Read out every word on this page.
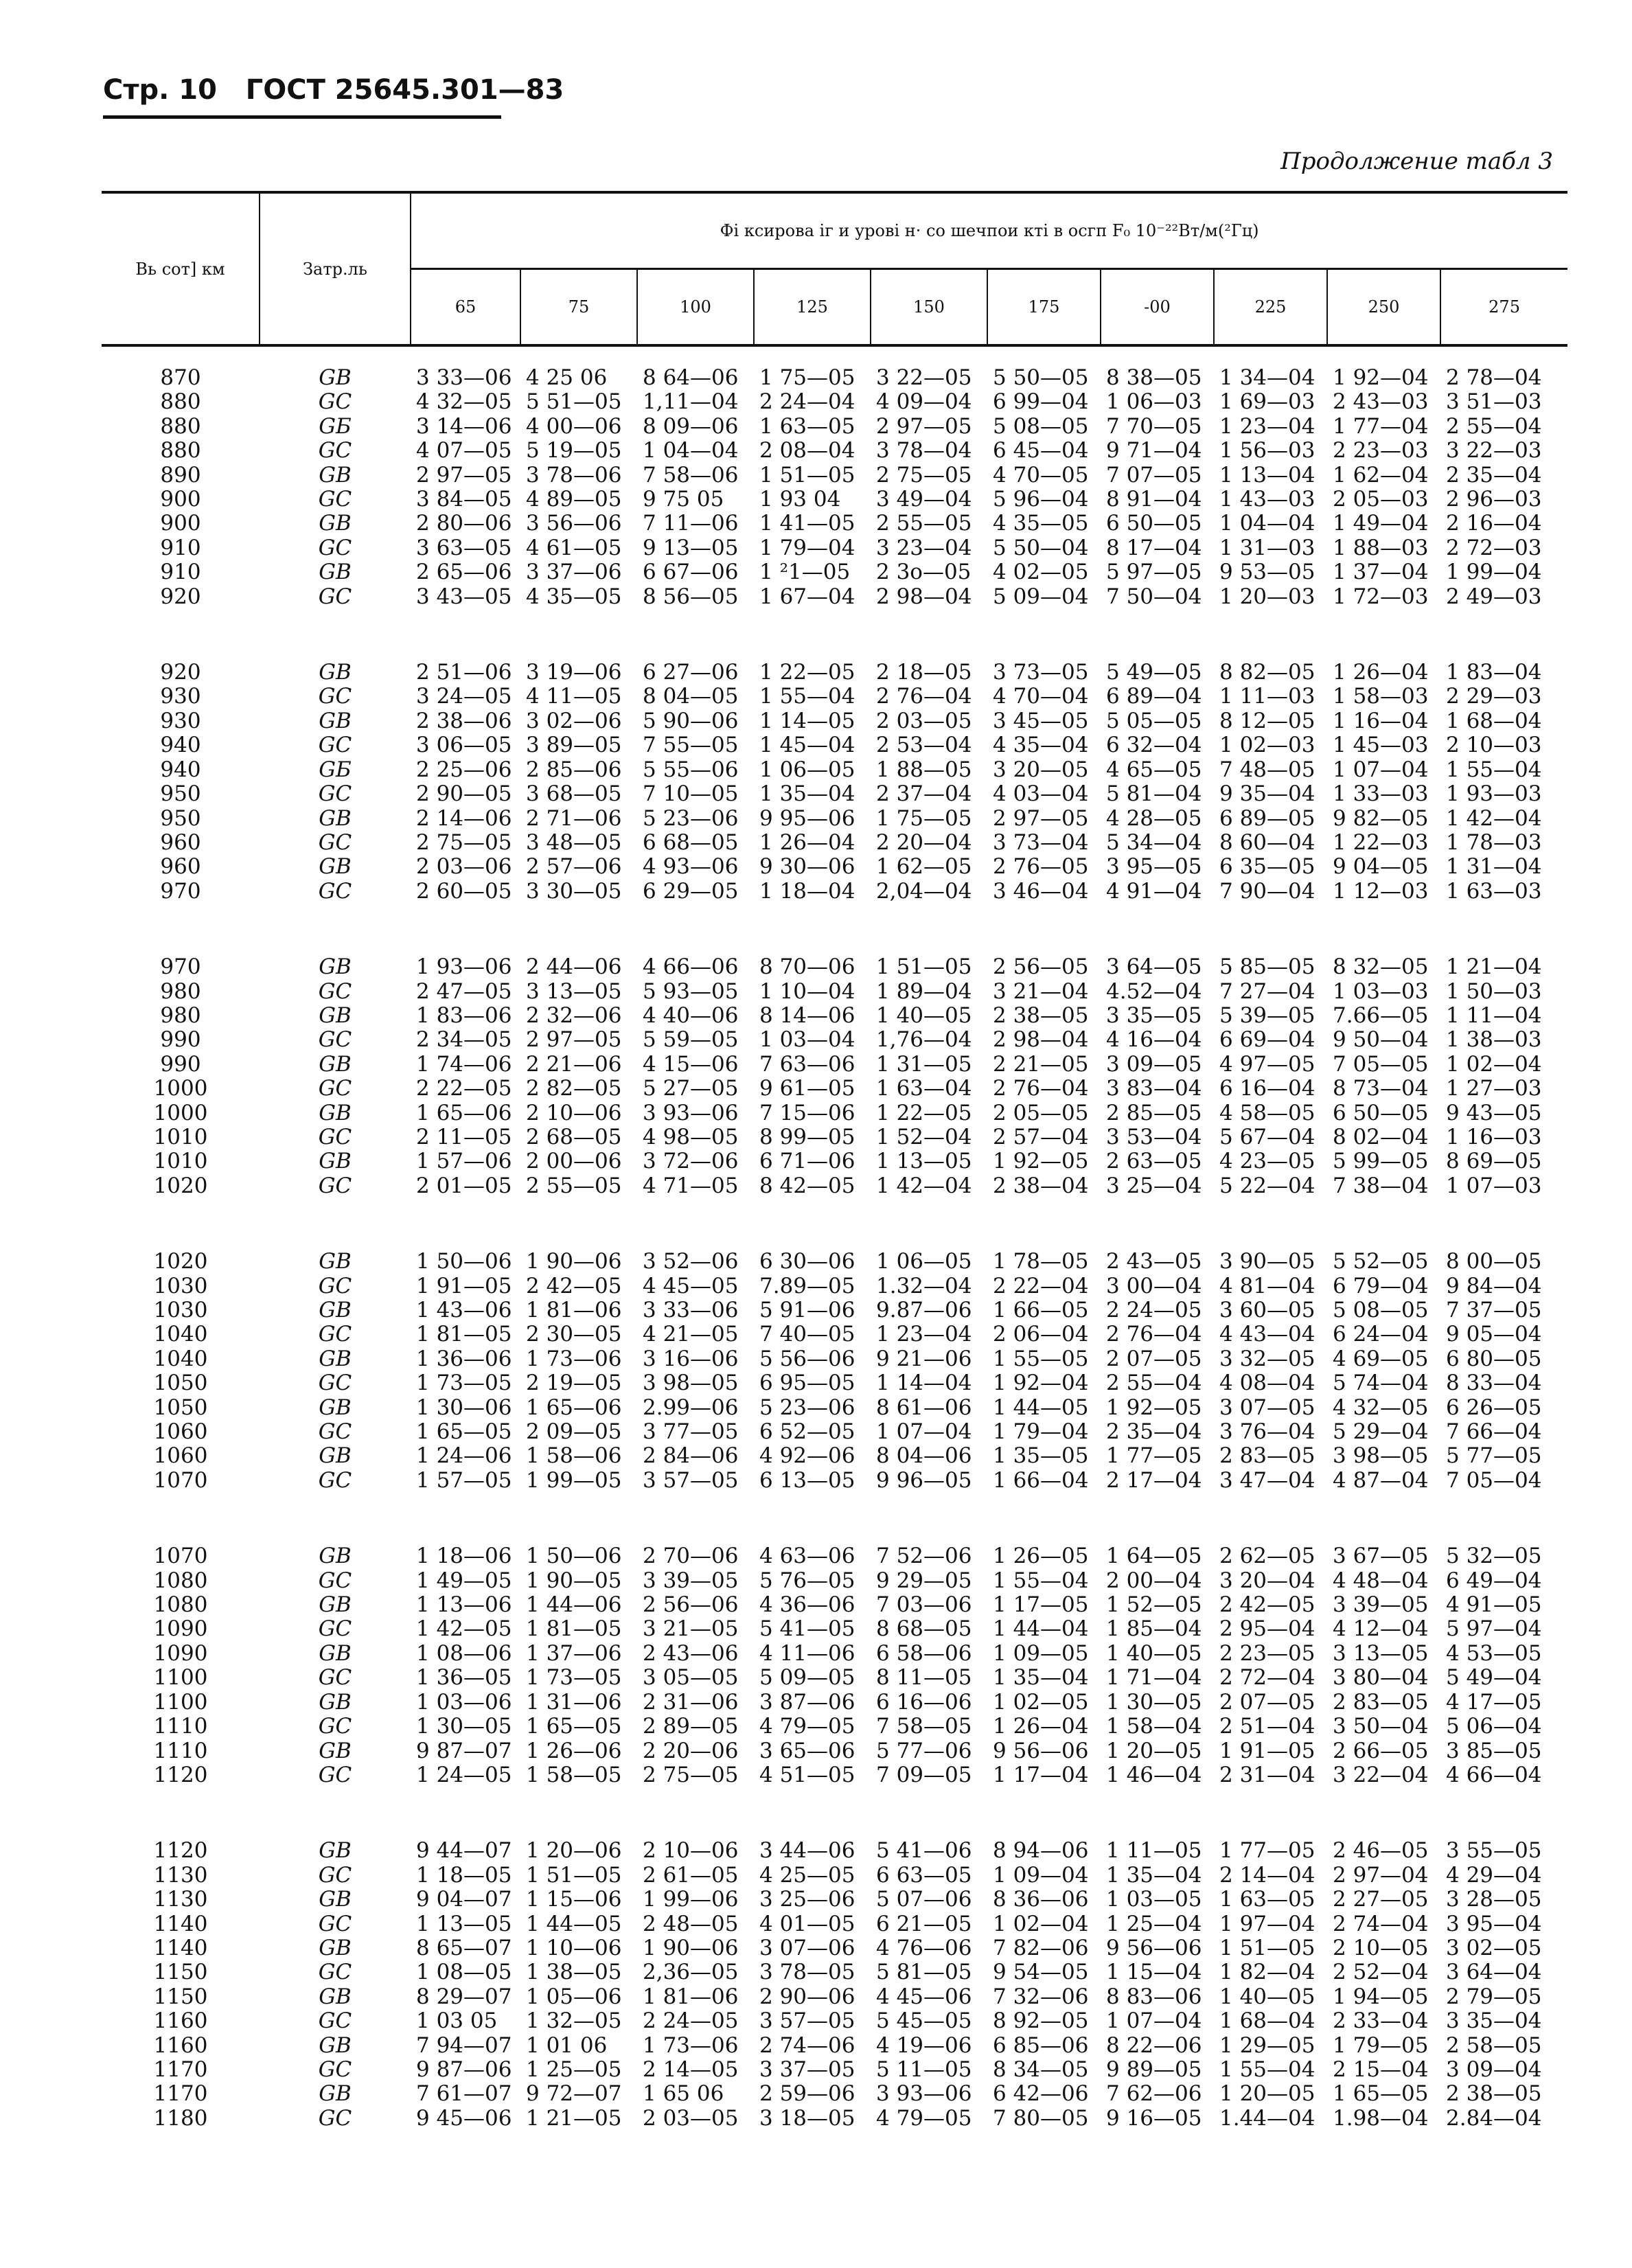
Стр. 10 ГОСТ 25645.301—83
Продолжение табл 3
Вь сот] км	Затр.ль	Фі ксирова іг и урові н· со шечпои кті в осгп F₀ 10⁻²²Вт/м(²Гц)									
		65	75	100	125	150	175	-00	225	250	275

870	GB	3 33—06	4 25 06	8 64—06	1 75—05	3 22—05	5 50—05	8 38—05	1 34—04	1 92—04	2 78—04
880	GC	4 32—05	5 51—05	1,11—04	2 24—04	4 09—04	6 99—04	1 06—03	1 69—03	2 43—03	3 51—03
880	GБ	3 14—06	4 00—06	8 09—06	1 63—05	2 97—05	5 08—05	7 70—05	1 23—04	1 77—04	2 55—04
880	GC	4 07—05	5 19—05	1 04—04	2 08—04	3 78—04	6 45—04	9 71—04	1 56—03	2 23—03	3 22—03
890	GB	2 97—05	3 78—06	7 58—06	1 51—05	2 75—05	4 70—05	7 07—05	1 13—04	1 62—04	2 35—04
900	GC	3 84—05	4 89—05	9 75 05	1 93 04	3 49—04	5 96—04	8 91—04	1 43—03	2 05—03	2 96—03
900	GB	2 80—06	3 56—06	7 11—06	1 41—05	2 55—05	4 35—05	6 50—05	1 04—04	1 49—04	2 16—04
910	GC	3 63—05	4 61—05	9 13—05	1 79—04	3 23—04	5 50—04	8 17—04	1 31—03	1 88—03	2 72—03
910	GB	2 65—06	3 37—06	6 67—06	1 ²1—05	2 3o—05	4 02—05	5 97—05	9 53—05	1 37—04	1 99—04
920	GC	3 43—05	4 35—05	8 56—05	1 67—04	2 98—04	5 09—04	7 50—04	1 20—03	1 72—03	2 49—03

920	GB	2 51—06	3 19—06	6 27—06	1 22—05	2 18—05	3 73—05	5 49—05	8 82—05	1 26—04	1 83—04
930	GC	3 24—05	4 11—05	8 04—05	1 55—04	2 76—04	4 70—04	6 89—04	1 11—03	1 58—03	2 29—03
930	GB	2 38—06	3 02—06	5 90—06	1 14—05	2 03—05	3 45—05	5 05—05	8 12—05	1 16—04	1 68—04
940	GC	3 06—05	3 89—05	7 55—05	1 45—04	2 53—04	4 35—04	6 32—04	1 02—03	1 45—03	2 10—03
940	GБ	2 25—06	2 85—06	5 55—06	1 06—05	1 88—05	3 20—05	4 65—05	7 48—05	1 07—04	1 55—04
950	GC	2 90—05	3 68—05	7 10—05	1 35—04	2 37—04	4 03—04	5 81—04	9 35—04	1 33—03	1 93—03
950	GB	2 14—06	2 71—06	5 23—06	9 95—06	1 75—05	2 97—05	4 28—05	6 89—05	9 82—05	1 42—04
960	GC	2 75—05	3 48—05	6 68—05	1 26—04	2 20—04	3 73—04	5 34—04	8 60—04	1 22—03	1 78—03
960	GB	2 03—06	2 57—06	4 93—06	9 30—06	1 62—05	2 76—05	3 95—05	6 35—05	9 04—05	1 31—04
970	GC	2 60—05	3 30—05	6 29—05	1 18—04	2,04—04	3 46—04	4 91—04	7 90—04	1 12—03	1 63—03

970	GB	1 93—06	2 44—06	4 66—06	8 70—06	1 51—05	2 56—05	3 64—05	5 85—05	8 32—05	1 21—04
980	GC	2 47—05	3 13—05	5 93—05	1 10—04	1 89—04	3 21—04	4.52—04	7 27—04	1 03—03	1 50—03
980	GB	1 83—06	2 32—06	4 40—06	8 14—06	1 40—05	2 38—05	3 35—05	5 39—05	7.66—05	1 11—04
990	GC	2 34—05	2 97—05	5 59—05	1 03—04	1,76—04	2 98—04	4 16—04	6 69—04	9 50—04	1 38—03
990	GB	1 74—06	2 21—06	4 15—06	7 63—06	1 31—05	2 21—05	3 09—05	4 97—05	7 05—05	1 02—04
1000	GC	2 22—05	2 82—05	5 27—05	9 61—05	1 63—04	2 76—04	3 83—04	6 16—04	8 73—04	1 27—03
1000	GB	1 65—06	2 10—06	3 93—06	7 15—06	1 22—05	2 05—05	2 85—05	4 58—05	6 50—05	9 43—05
1010	GC	2 11—05	2 68—05	4 98—05	8 99—05	1 52—04	2 57—04	3 53—04	5 67—04	8 02—04	1 16—03
1010	GB	1 57—06	2 00—06	3 72—06	6 71—06	1 13—05	1 92—05	2 63—05	4 23—05	5 99—05	8 69—05
1020	GC	2 01—05	2 55—05	4 71—05	8 42—05	1 42—04	2 38—04	3 25—04	5 22—04	7 38—04	1 07—03

1020	GB	1 50—06	1 90—06	3 52—06	6 30—06	1 06—05	1 78—05	2 43—05	3 90—05	5 52—05	8 00—05
1030	GC	1 91—05	2 42—05	4 45—05	7.89—05	1.32—04	2 22—04	3 00—04	4 81—04	6 79—04	9 84—04
1030	GB	1 43—06	1 81—06	3 33—06	5 91—06	9.87—06	1 66—05	2 24—05	3 60—05	5 08—05	7 37—05
1040	GC	1 81—05	2 30—05	4 21—05	7 40—05	1 23—04	2 06—04	2 76—04	4 43—04	6 24—04	9 05—04
1040	GB	1 36—06	1 73—06	3 16—06	5 56—06	9 21—06	1 55—05	2 07—05	3 32—05	4 69—05	6 80—05
1050	GC	1 73—05	2 19—05	3 98—05	6 95—05	1 14—04	1 92—04	2 55—04	4 08—04	5 74—04	8 33—04
1050	GB	1 30—06	1 65—06	2.99—06	5 23—06	8 61—06	1 44—05	1 92—05	3 07—05	4 32—05	6 26—05
1060	GC	1 65—05	2 09—05	3 77—05	6 52—05	1 07—04	1 79—04	2 35—04	3 76—04	5 29—04	7 66—04
1060	GB	1 24—06	1 58—06	2 84—06	4 92—06	8 04—06	1 35—05	1 77—05	2 83—05	3 98—05	5 77—05
1070	GC	1 57—05	1 99—05	3 57—05	6 13—05	9 96—05	1 66—04	2 17—04	3 47—04	4 87—04	7 05—04

1070	GB	1 18—06	1 50—06	2 70—06	4 63—06	7 52—06	1 26—05	1 64—05	2 62—05	3 67—05	5 32—05
1080	GC	1 49—05	1 90—05	3 39—05	5 76—05	9 29—05	1 55—04	2 00—04	3 20—04	4 48—04	6 49—04
1080	GB	1 13—06	1 44—06	2 56—06	4 36—06	7 03—06	1 17—05	1 52—05	2 42—05	3 39—05	4 91—05
1090	GC	1 42—05	1 81—05	3 21—05	5 41—05	8 68—05	1 44—04	1 85—04	2 95—04	4 12—04	5 97—04
1090	GB	1 08—06	1 37—06	2 43—06	4 11—06	6 58—06	1 09—05	1 40—05	2 23—05	3 13—05	4 53—05
1100	GC	1 36—05	1 73—05	3 05—05	5 09—05	8 11—05	1 35—04	1 71—04	2 72—04	3 80—04	5 49—04
1100	GB	1 03—06	1 31—06	2 31—06	3 87—06	6 16—06	1 02—05	1 30—05	2 07—05	2 83—05	4 17—05
1110	GC	1 30—05	1 65—05	2 89—05	4 79—05	7 58—05	1 26—04	1 58—04	2 51—04	3 50—04	5 06—04
1110	GB	9 87—07	1 26—06	2 20—06	3 65—06	5 77—06	9 56—06	1 20—05	1 91—05	2 66—05	3 85—05
1120	GC	1 24—05	1 58—05	2 75—05	4 51—05	7 09—05	1 17—04	1 46—04	2 31—04	3 22—04	4 66—04

1120	GB	9 44—07	1 20—06	2 10—06	3 44—06	5 41—06	8 94—06	1 11—05	1 77—05	2 46—05	3 55—05
1130	GC	1 18—05	1 51—05	2 61—05	4 25—05	6 63—05	1 09—04	1 35—04	2 14—04	2 97—04	4 29—04
1130	GB	9 04—07	1 15—06	1 99—06	3 25—06	5 07—06	8 36—06	1 03—05	1 63—05	2 27—05	3 28—05
1140	GC	1 13—05	1 44—05	2 48—05	4 01—05	6 21—05	1 02—04	1 25—04	1 97—04	2 74—04	3 95—04
1140	GB	8 65—07	1 10—06	1 90—06	3 07—06	4 76—06	7 82—06	9 56—06	1 51—05	2 10—05	3 02—05
1150	GC	1 08—05	1 38—05	2,36—05	3 78—05	5 81—05	9 54—05	1 15—04	1 82—04	2 52—04	3 64—04
1150	GB	8 29—07	1 05—06	1 81—06	2 90—06	4 45—06	7 32—06	8 83—06	1 40—05	1 94—05	2 79—05
1160	GC	1 03 05	1 32—05	2 24—05	3 57—05	5 45—05	8 92—05	1 07—04	1 68—04	2 33—04	3 35—04
1160	GB	7 94—07	1 01 06	1 73—06	2 74—06	4 19—06	6 85—06	8 22—06	1 29—05	1 79—05	2 58—05
1170	GC	9 87—06	1 25—05	2 14—05	3 37—05	5 11—05	8 34—05	9 89—05	1 55—04	2 15—04	3 09—04
1170	GB	7 61—07	9 72—07	1 65 06	2 59—06	3 93—06	6 42—06	7 62—06	1 20—05	1 65—05	2 38—05
1180	GC	9 45—06	1 21—05	2 03—05	3 18—05	4 79—05	7 80—05	9 16—05	1.44—04	1.98—04	2.84—04
